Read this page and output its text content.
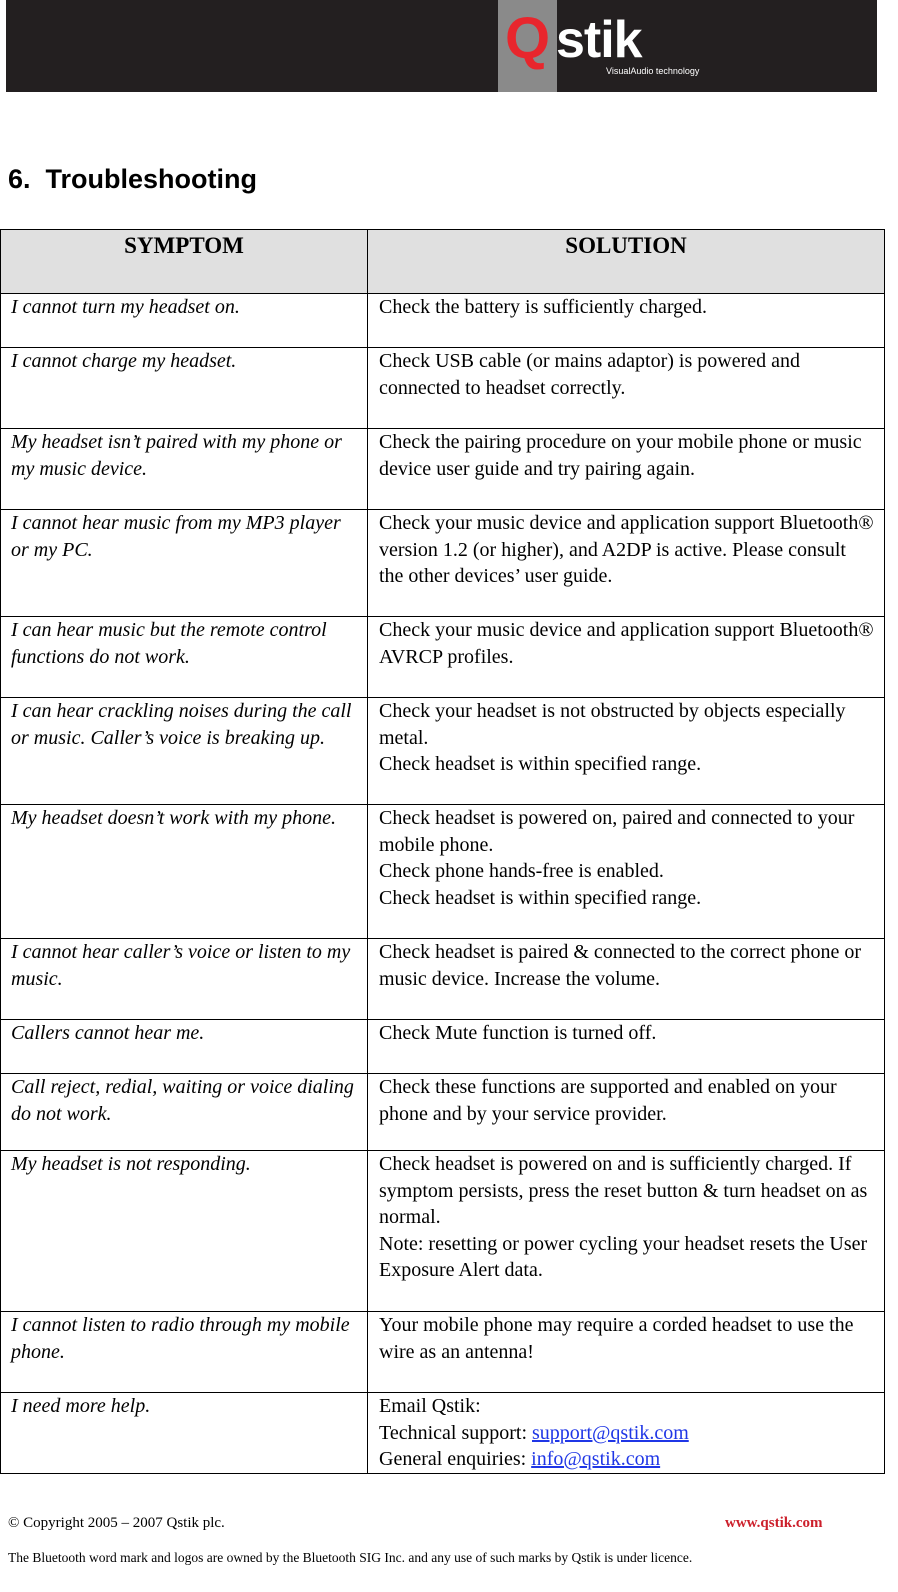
Q stik
VisualAudio technology
6.  Troubleshooting
SYMPTOM	SOLUTION

I cannot turn my headset on.	Check the battery is sufficiently charged.

I cannot charge my headset.	Check USB cable (or mains adaptor) is powered and connected to headset correctly.

My headset isn’t paired with my phone or my music device.	Check the pairing procedure on your mobile phone or music device user guide and try pairing again.

I cannot hear music from my MP3 player or my PC.	Check your music device and application support Bluetooth® version 1.2 (or higher), and A2DP is active. Please consult the other devices’ user guide.

I can hear music but the remote control functions do not work.	Check your music device and application support Bluetooth® AVRCP profiles.

I can hear crackling noises during the call or music. Caller’s voice is breaking up.	Check your headset is not obstructed by objects especially metal.
Check headset is within specified range.

My headset doesn’t work with my phone.	Check headset is powered on, paired and connected to your mobile phone.
Check phone hands-free is enabled.
Check headset is within specified range.

I cannot hear caller’s voice or listen to my music.	Check headset is paired & connected to the correct phone or music device. Increase the volume.

Callers cannot hear me.	Check Mute function is turned off.

Call reject, redial, waiting or voice dialing do not work.	Check these functions are supported and enabled on your phone and by your service provider.

My headset is not responding.	Check headset is powered on and is sufficiently charged. If symptom persists, press the reset button & turn headset on as normal.
Note: resetting or power cycling your headset resets the User Exposure Alert data.

I cannot listen to radio through my mobile phone.	Your mobile phone may require a corded headset to use the wire as an antenna!

I need more help.	Email Qstik:
Technical support: support@qstik.com
General enquiries: info@qstik.com
© Copyright 2005 – 2007 Qstik plc.	www.qstik.com
The Bluetooth word mark and logos are owned by the Bluetooth SIG Inc. and any use of such marks by Qstik is under licence.
